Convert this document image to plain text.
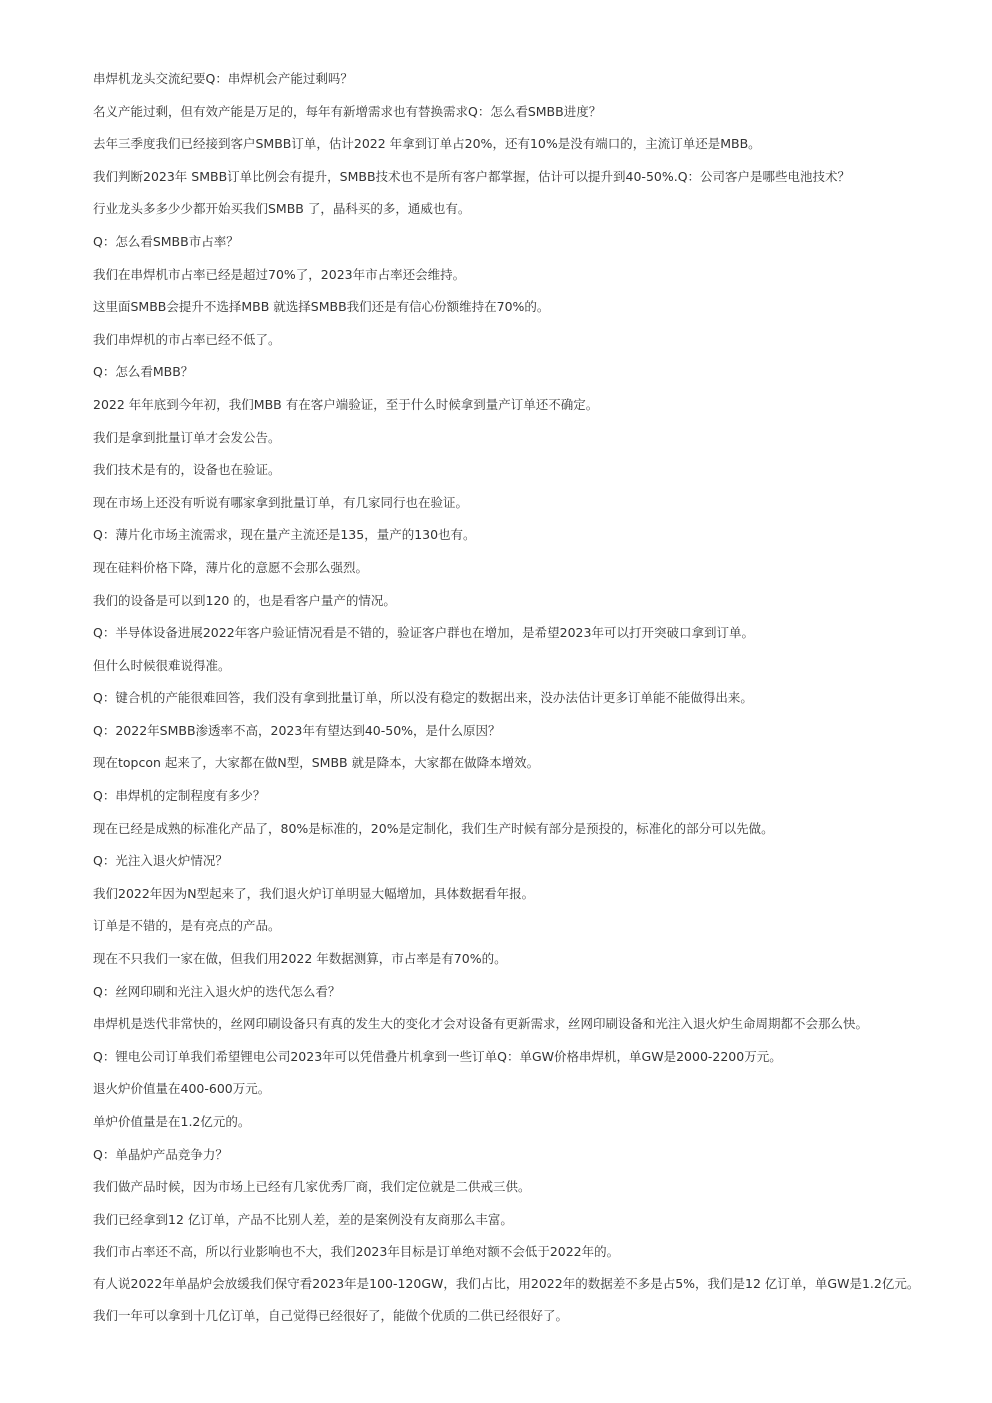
串焊机龙头交流纪要Q：串焊机会产能过剩吗？

名义产能过剩，但有效产能是万足的，每年有新增需求也有替换需求Q：怎么看SMBB进度？

去年三季度我们已经接到客户SMBB订单，估计2022 年拿到订单占20%，还有10%是没有端口的，主流订单还是MBB。

我们判断2023年 SMBB订单比例会有提升，SMBB技术也不是所有客户都掌握，估计可以提升到40-50%.Q：公司客户是哪些电池技术？

行业龙头多多少少都开始买我们SMBB 了，晶科买的多，通威也有。

Q：怎么看SMBB市占率？

我们在串焊机市占率已经是超过70%了，2023年市占率还会维持。

这里面SMBB会提升不选择MBB 就选择SMBB我们还是有信心份额维持在70%的。

我们串焊机的市占率已经不低了。

Q：怎么看MBB？

2022 年年底到今年初，我们MBB 有在客户端验证，至于什么时候拿到量产订单还不确定。

我们是拿到批量订单才会发公告。

我们技术是有的，设备也在验证。

现在市场上还没有听说有哪家拿到批量订单，有几家同行也在验证。

Q：薄片化市场主流需求，现在量产主流还是135，量产的130也有。

现在硅料价格下降，薄片化的意愿不会那么强烈。

我们的设备是可以到120 的，也是看客户量产的情况。

Q：半导体设备进展2022年客户验证情况看是不错的，验证客户群也在增加，是希望2023年可以打开突破口拿到订单。

但什么时候很难说得准。

Q：键合机的产能很难回答，我们没有拿到批量订单，所以没有稳定的数据出来，没办法估计更多订单能不能做得出来。

Q：2022年SMBB渗透率不高，2023年有望达到40-50%，是什么原因？

现在topcon 起来了，大家都在做N型，SMBB 就是降本，大家都在做降本增效。

Q：串焊机的定制程度有多少？

现在已经是成熟的标准化产品了，80%是标准的，20%是定制化，我们生产时候有部分是预投的，标准化的部分可以先做。

Q：光注入退火炉情况？

我们2022年因为N型起来了，我们退火炉订单明显大幅增加，具体数据看年报。

订单是不错的，是有亮点的产品。

现在不只我们一家在做，但我们用2022 年数据测算，市占率是有70%的。

Q：丝网印刷和光注入退火炉的迭代怎么看？

串焊机是迭代非常快的，丝网印刷设备只有真的发生大的变化才会对设备有更新需求，丝网印刷设备和光注入退火炉生命周期都不会那么快。

Q：锂电公司订单我们希望锂电公司2023年可以凭借叠片机拿到一些订单Q：单GW价格串焊机，单GW是2000-2200万元。

退火炉价值量在400-600万元。

单炉价值量是在1.2亿元的。

Q：单晶炉产品竞争力？

我们做产品时候，因为市场上已经有几家优秀厂商，我们定位就是二供戒三供。

我们已经拿到12 亿订单，产品不比别人差，差的是案例没有友商那么丰富。

我们市占率还不高，所以行业影响也不大，我们2023年目标是订单绝对额不会低于2022年的。

有人说2022年单晶炉会放缓我们保守看2023年是100-120GW，我们占比，用2022年的数据差不多是占5%，我们是12 亿订单，单GW是1.2亿元。

我们一年可以拿到十几亿订单，自己觉得已经很好了，能做个优质的二供已经很好了。
